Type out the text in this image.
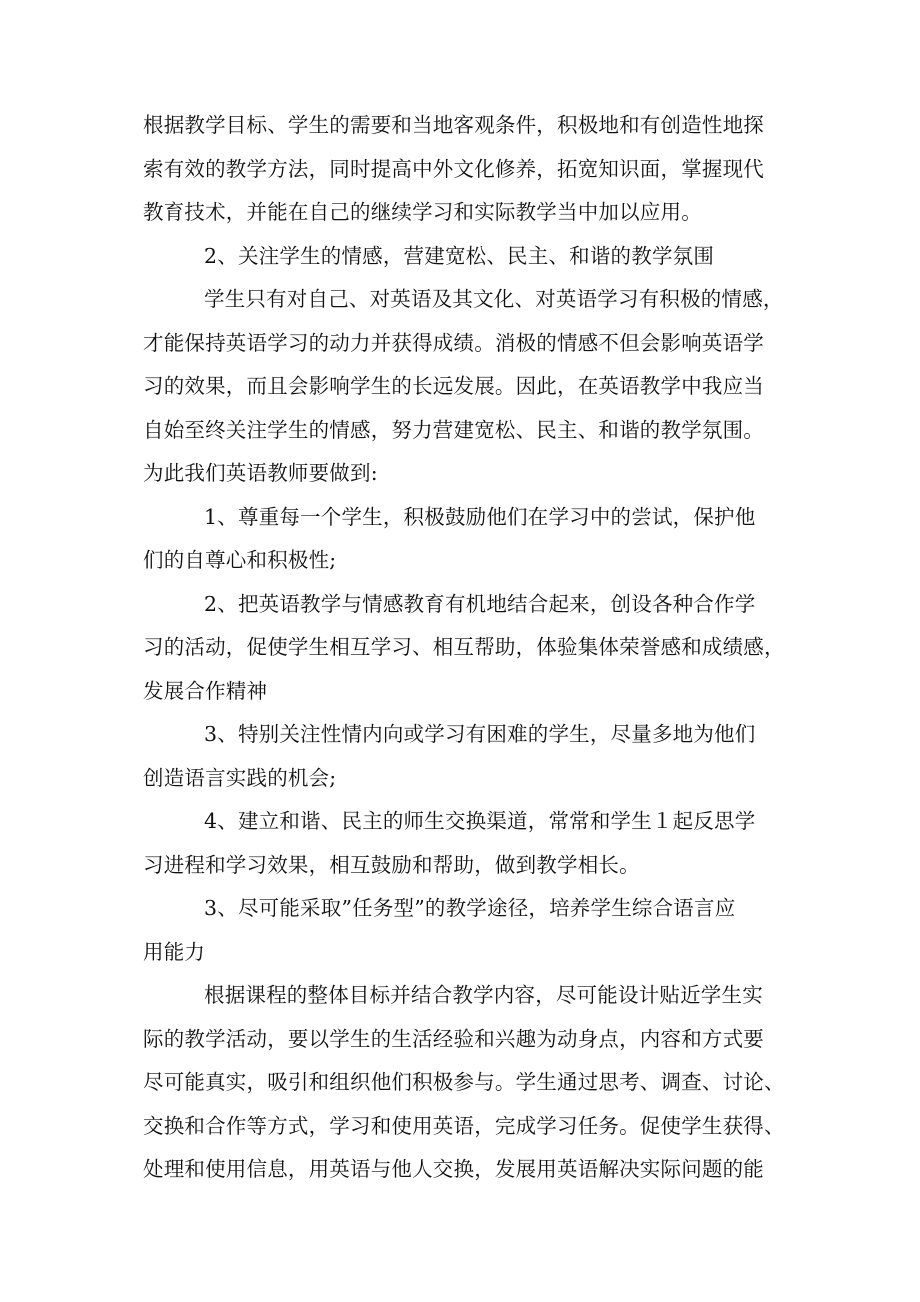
根据教学目标、学生的需要和当地客观条件，积极地和有创造性地探
索有效的教学方法，同时提高中外文化修养，拓宽知识面，掌握现代
教育技术，并能在自己的继续学习和实际教学当中加以应用。
2、关注学生的情感，营建宽松、民主、和谐的教学氛围
学生只有对自己、对英语及其文化、对英语学习有积极的情感，
才能保持英语学习的动力并获得成绩。消极的情感不但会影响英语学
习的效果，而且会影响学生的长远发展。因此，在英语教学中我应当
自始至终关注学生的情感，努力营建宽松、民主、和谐的教学氛围。
为此我们英语教师要做到:
1、尊重每一个学生，积极鼓励他们在学习中的尝试，保护他
们的自尊心和积极性;
2、把英语教学与情感教育有机地结合起来，创设各种合作学
习的活动，促使学生相互学习、相互帮助，体验集体荣誉感和成绩感，
发展合作精神
3、特别关注性情内向或学习有困难的学生，尽量多地为他们
创造语言实践的机会;
4、建立和谐、民主的师生交换渠道，常常和学生１起反思学
习进程和学习效果，相互鼓励和帮助，做到教学相长。
3、尽可能采取”任务型”的教学途径，培养学生综合语言应
用能力
根据课程的整体目标并结合教学内容，尽可能设计贴近学生实
际的教学活动，要以学生的生活经验和兴趣为动身点，内容和方式要
尽可能真实，吸引和组织他们积极参与。学生通过思考、调查、讨论、
交换和合作等方式，学习和使用英语，完成学习任务。促使学生获得、
处理和使用信息，用英语与他人交换，发展用英语解决实际问题的能
